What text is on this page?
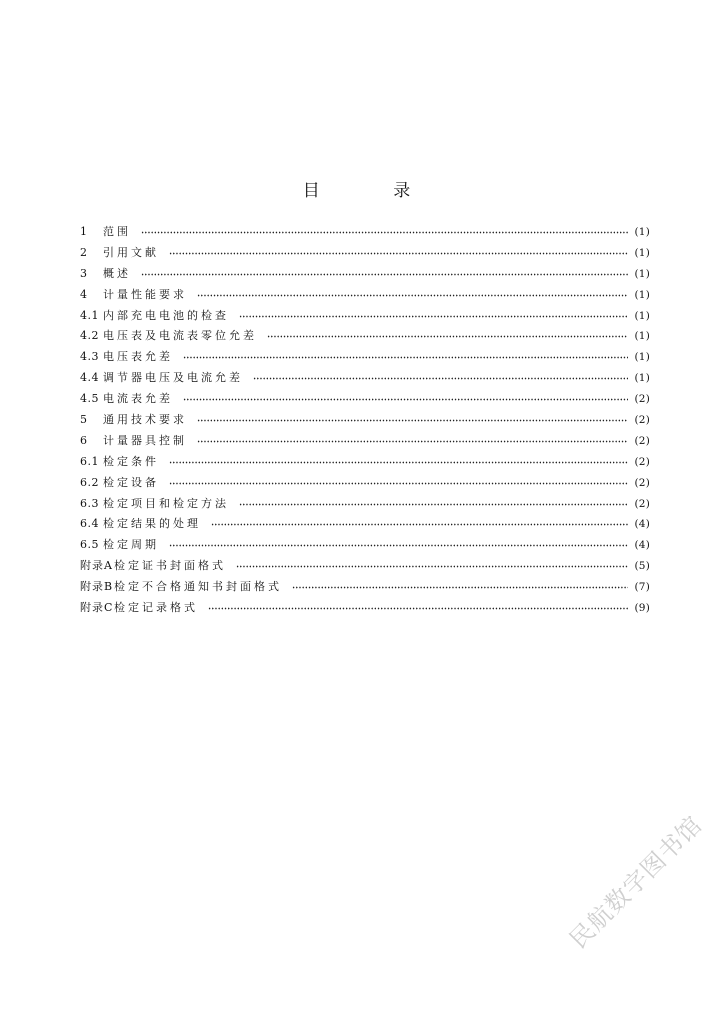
目 录
1	范围	(1)
2	引用文献	(1)
3	概述	(1)
4	计量性能要求	(1)
4.1 内部充电电池的检查	(1)
4.2 电压表及电流表零位允差	(1)
4.3 电压表允差	(1)
4.4 调节器电压及电流允差	(1)
4.5 电流表允差	(2)
5	通用技术要求	(2)
6	计量器具控制	(2)
6.1 检定条件	(2)
6.2 检定设备	(2)
6.3 检定项目和检定方法	(2)
6.4 检定结果的处理	(4)
6.5 检定周期	(4)
附录A 检定证书封面格式	(5)
附录B 检定不合格通知书封面格式	(7)
附录C 检定记录格式	(9)
民航数字图书馆
